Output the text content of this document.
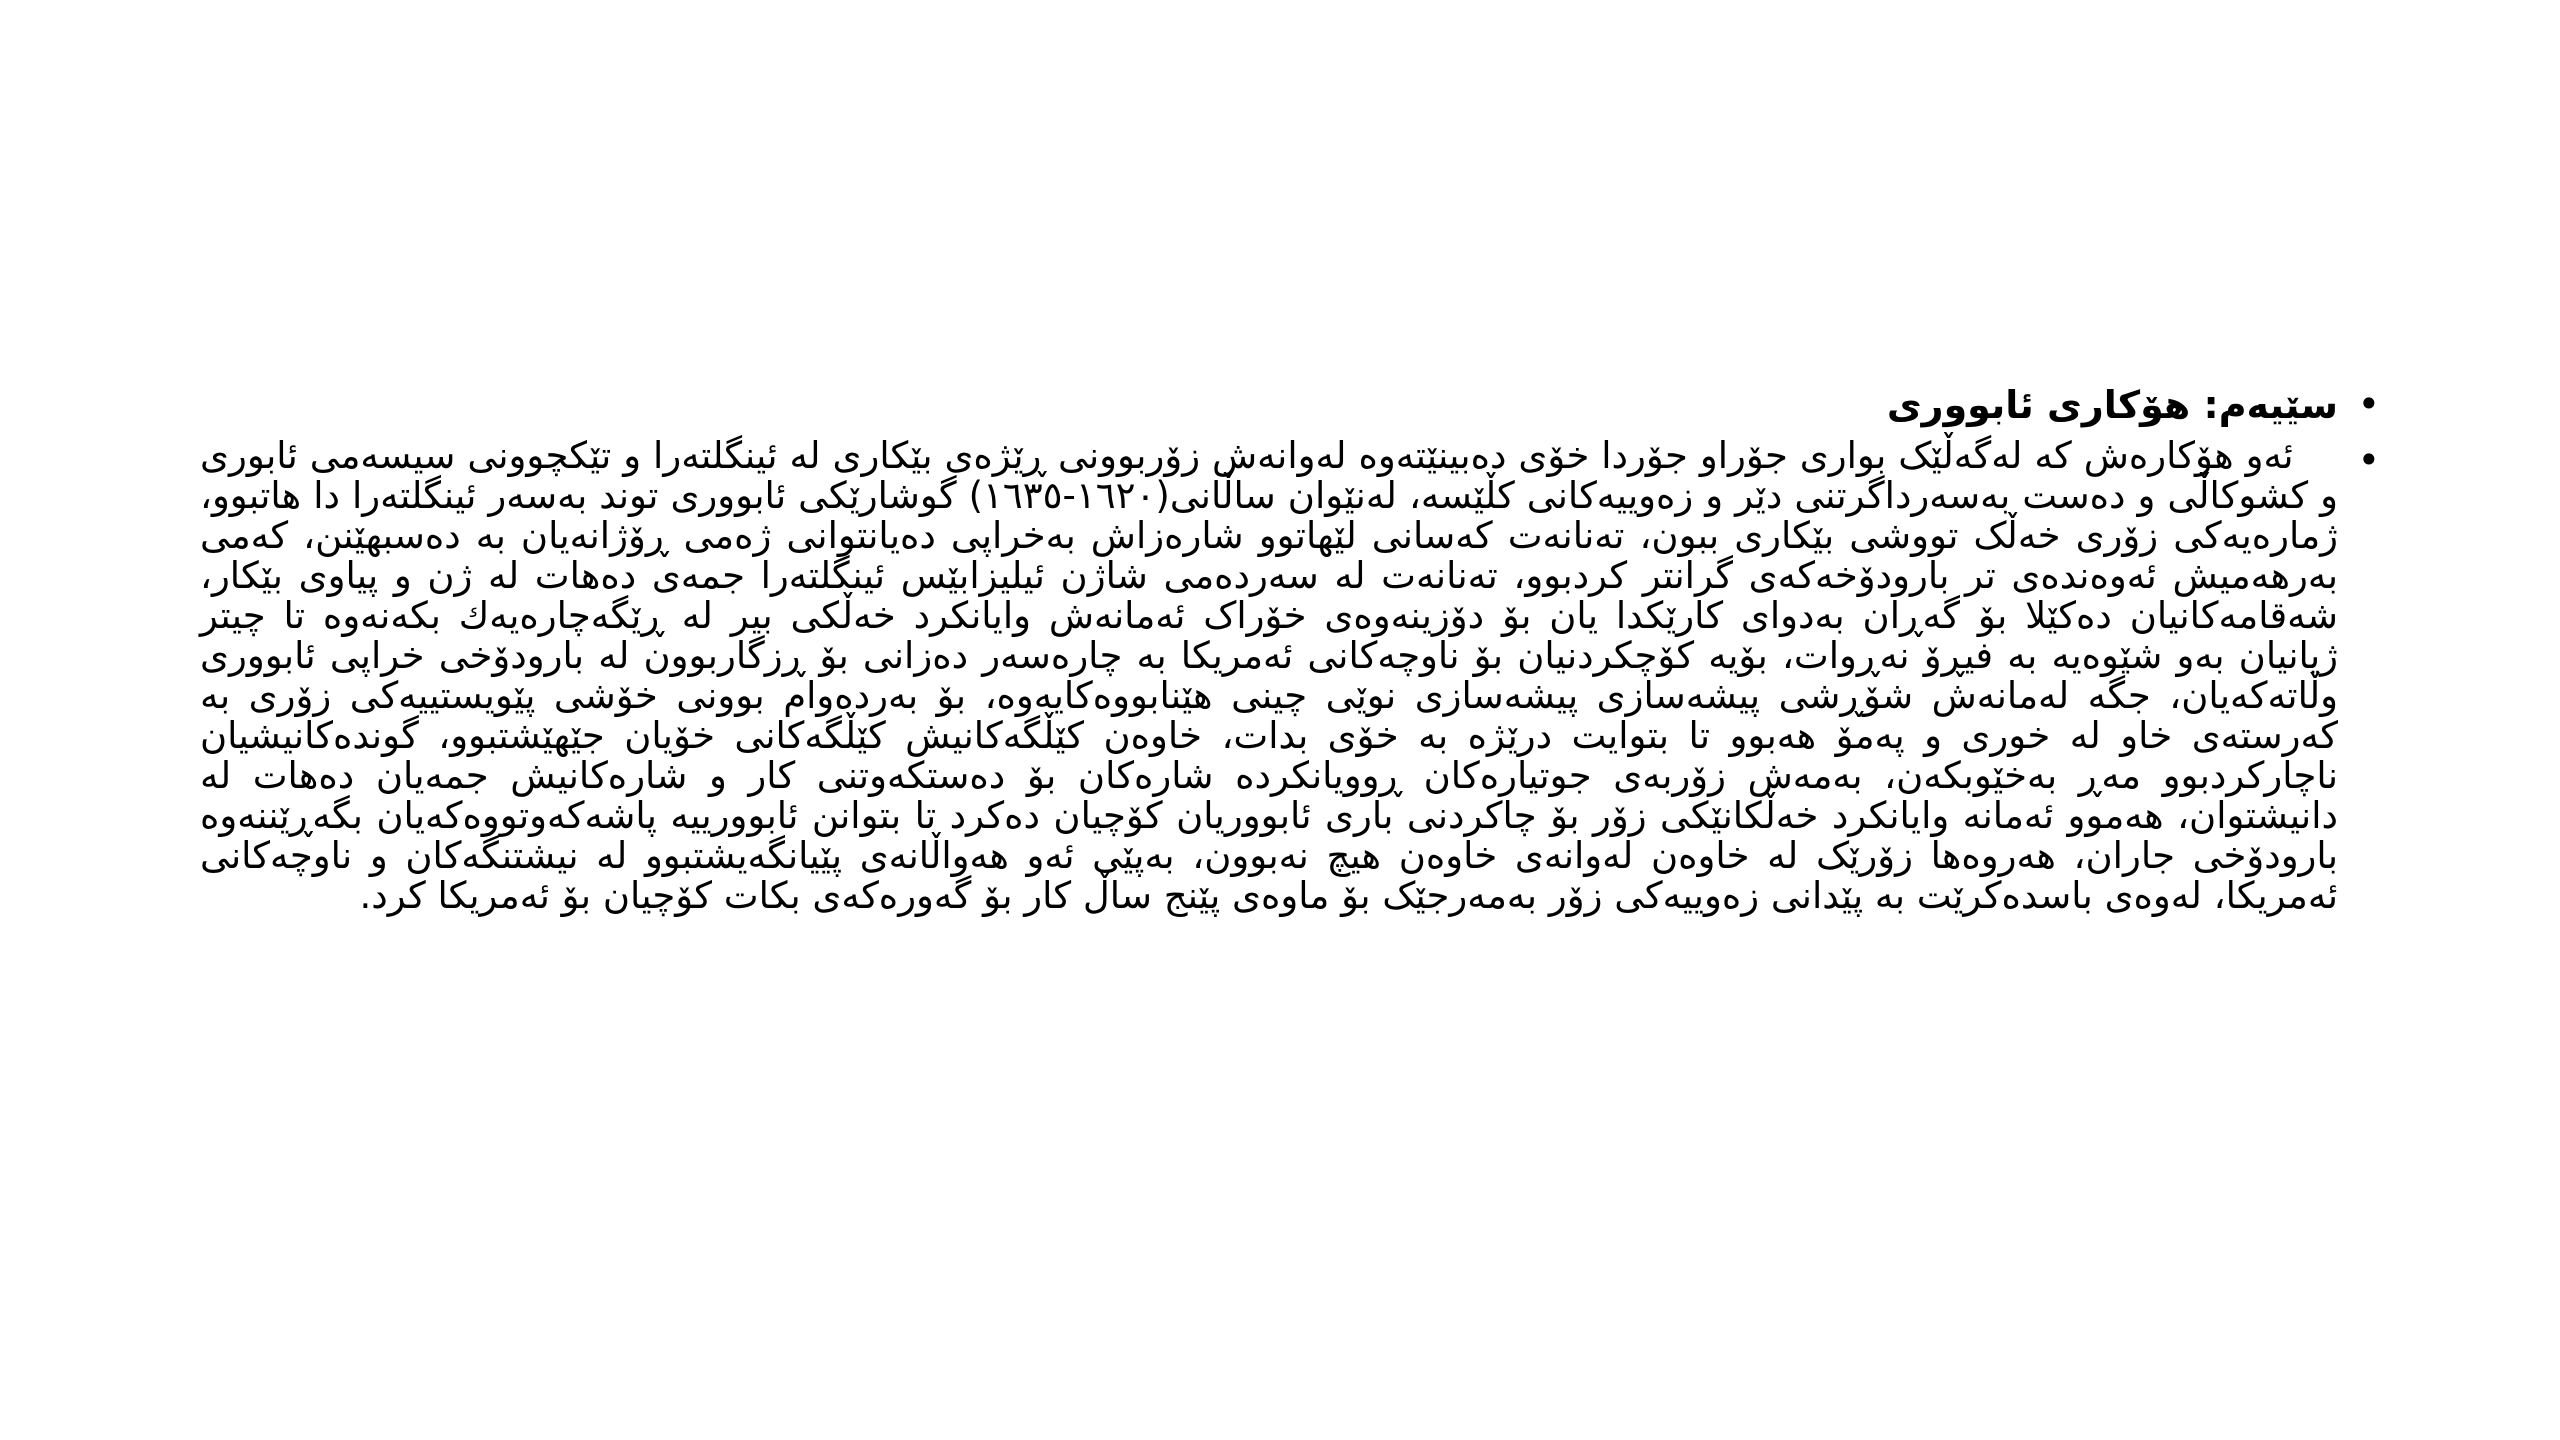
•
سێیەم: هۆکاری ئابووری
•
ئەو هۆکارەش کە لەگەڵێک بواری جۆراو جۆردا خۆی دەبینێتەوە لەوانەش زۆربوونی ڕێژەی بێکاری لە ئینگلتەرا و تێکچوونی سیسەمی ئابوری و کشوکاڵی و دەست بەسەرداگرتنی دێر و زەوییەکانی کڵێسە، لەنێوان ساڵانی(١٦٢٠-١٦٣٥) گوشارێکی ئابووری توند بەسەر ئینگلتەرا دا هاتبوو، ژمارەیەکی زۆری خەڵک تووشی بێکاری ببون، تەنانەت کەسانی لێهاتوو شارەزاش بەخراپی دەیانتوانی ژەمی ڕۆژانەیان بە دەسبهێنن، کەمی بەرهەمیش ئەوەندەی تر بارودۆخەکەی گرانتر کردبوو، تەنانەت لە سەردەمی شاژن ئیلیزابێس ئینگلتەرا جمەی دەهات لە ژن و پیاوی بێکار، شەقامەکانیان دەکێلا بۆ گەڕان بەدوای کارێکدا یان بۆ دۆزینەوەی خۆراک ئەمانەش وایانکرد خەڵکی بیر لە ڕێگەچارەیەك بکەنەوە تا چیتر ژیانیان بەو شێوەیە بە فیڕۆ نەڕوات، بۆیە کۆچکردنیان بۆ ناوچەکانی ئەمریکا بە چارەسەر دەزانی بۆ ڕزگاربوون لە بارودۆخی خراپی ئابووری وڵاتەکەیان، جگە لەمانەش شۆڕشی پیشەسازی پیشەسازی نوێی چینی هێنابووەکایەوە، بۆ بەردەوام بوونی خۆشی پێویستییەکی زۆری بە کەرستەی خاو لە خوری و پەمۆ هەبوو تا بتوایت درێژە بە خۆی بدات، خاوەن کێڵگەکانیش کێڵگەکانی خۆیان جێهێشتبوو، گوندەکانیشیان ناچارکردبوو مەڕ بەخێوبکەن، بەمەش زۆربەی جوتیارەکان ڕوویانکردە شارەکان بۆ دەستکەوتنی کار و شارەکانیش جمەیان دەهات لە دانیشتوان، هەموو ئەمانە وایانکرد خەڵکانێکی زۆر بۆ چاکردنی باری ئابووریان کۆچیان دەکرد تا بتوانن ئابوورییە پاشەکەوتووەکەیان بگەڕێننەوە بارودۆخی جاران، هەروەها زۆرێک لە خاوەن لەوانەی خاوەن هیچ نەبوون، بەپێی ئەو هەواڵانەی پێیانگەیشتبوو لە نیشتنگەکان و ناوچەکانی ئەمریکا، لەوەی باسدەکرێت بە پێدانی زەوییەکی زۆر بەمەرجێک بۆ ماوەی پێنج ساڵ کار بۆ گەورەکەی بکات کۆچیان بۆ ئەمریکا کرد.
